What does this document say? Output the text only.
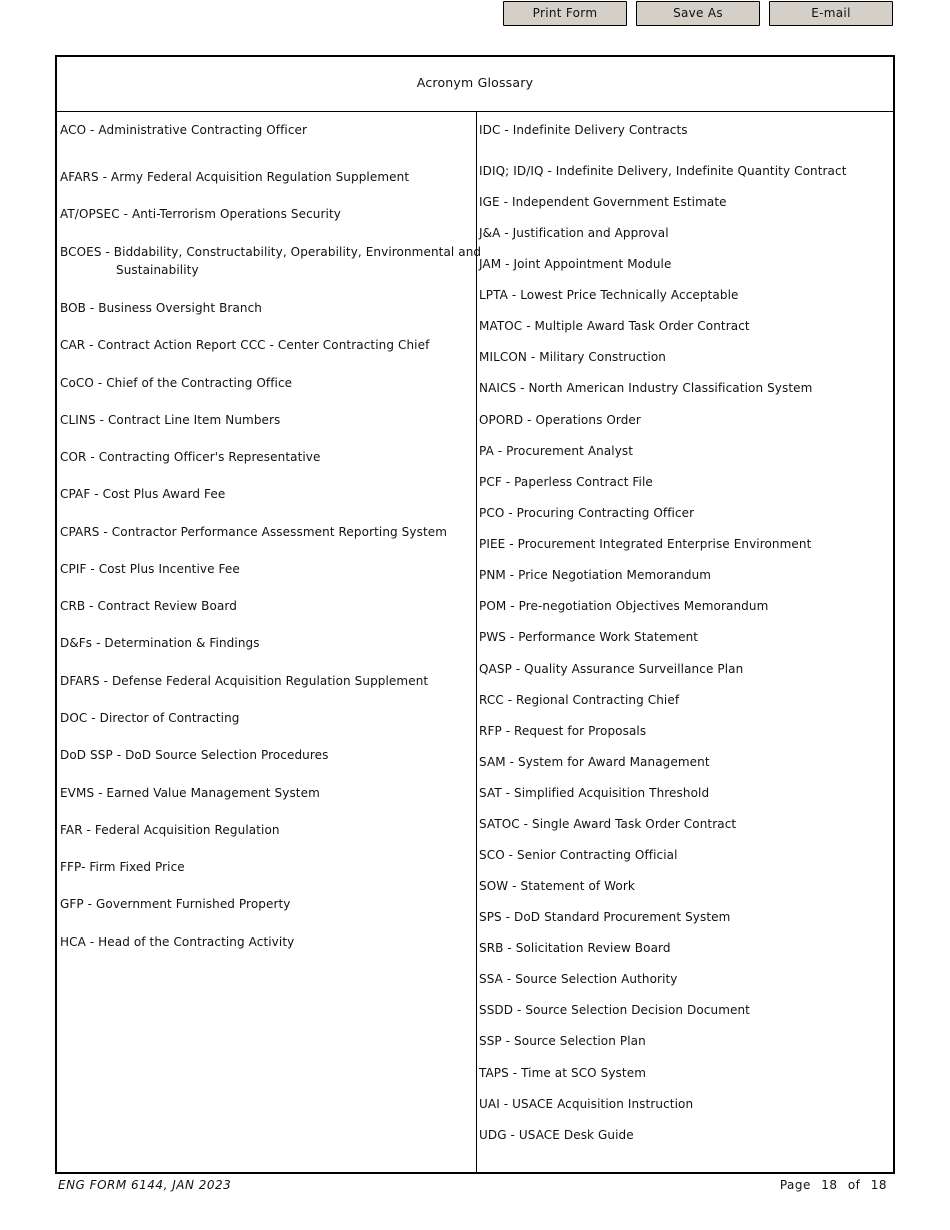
Print Form	Save As	E-mail
Acronym Glossary
ACO - Administrative Contracting Officer
AFARS - Army Federal Acquisition Regulation Supplement
AT/OPSEC - Anti-Terrorism Operations Security
BCOES - Biddability, Constructability, Operability, Environmental and Sustainability
BOB - Business Oversight Branch
CAR - Contract Action Report CCC - Center Contracting Chief
CoCO - Chief of the Contracting Office
CLINS - Contract Line Item Numbers
COR - Contracting Officer's Representative
CPAF - Cost Plus Award Fee
CPARS - Contractor Performance Assessment Reporting System
CPIF - Cost Plus Incentive Fee
CRB - Contract Review Board
D&Fs - Determination & Findings
DFARS - Defense Federal Acquisition Regulation Supplement
DOC - Director of Contracting
DoD SSP - DoD Source Selection Procedures
EVMS - Earned Value Management System
FAR - Federal Acquisition Regulation
FFP- Firm Fixed Price
GFP - Government Furnished Property
HCA - Head of the Contracting Activity
IDC - Indefinite Delivery Contracts
IDIQ; ID/IQ - Indefinite Delivery, Indefinite Quantity Contract
IGE - Independent Government Estimate
J&A - Justification and Approval
JAM - Joint Appointment Module
LPTA - Lowest Price Technically Acceptable
MATOC - Multiple Award Task Order Contract
MILCON - Military Construction
NAICS - North American Industry Classification System
OPORD - Operations Order
PA - Procurement Analyst
PCF - Paperless Contract File
PCO - Procuring Contracting Officer
PIEE - Procurement Integrated Enterprise Environment
PNM - Price Negotiation Memorandum
POM - Pre-negotiation Objectives Memorandum
PWS - Performance Work Statement
QASP - Quality Assurance Surveillance Plan
RCC - Regional Contracting Chief
RFP - Request for Proposals
SAM - System for Award Management
SAT - Simplified Acquisition Threshold
SATOC - Single Award Task Order Contract
SCO - Senior Contracting Official
SOW - Statement of Work
SPS - DoD Standard Procurement System
SRB - Solicitation Review Board
SSA - Source Selection Authority
SSDD - Source Selection Decision Document
SSP - Source Selection Plan
TAPS - Time at SCO System
UAI - USACE Acquisition Instruction
UDG - USACE Desk Guide
ENG FORM 6144, JAN 2023	Page 18 of 18
